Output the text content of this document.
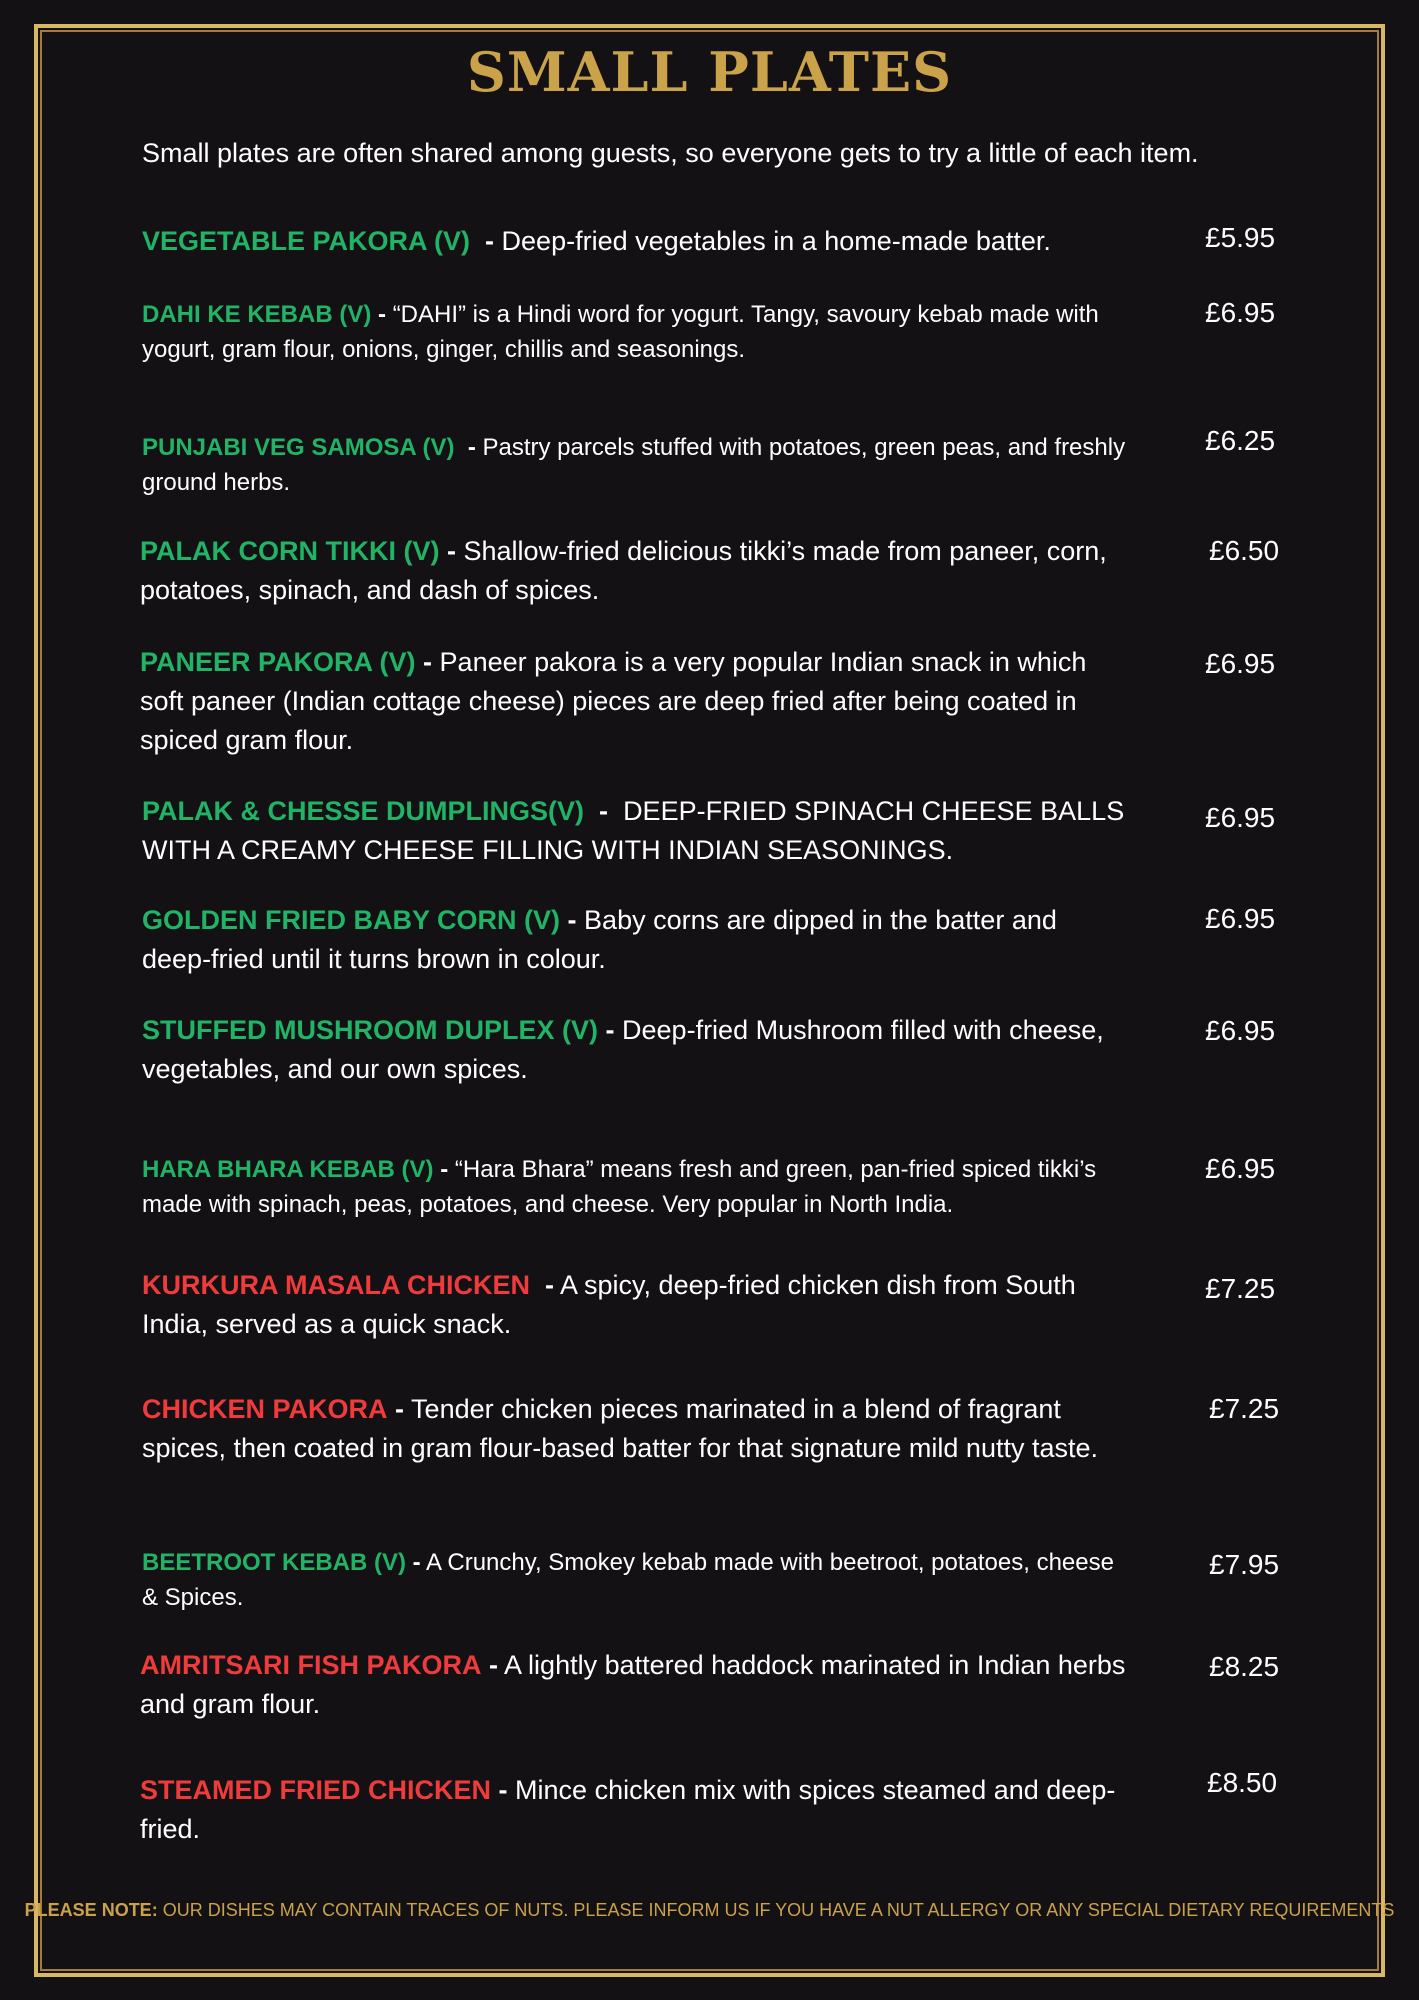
SMALL PLATES

Small plates are often shared among guests, so everyone gets to try a little of each item.

VEGETABLE PAKORA (V) - Deep-fried vegetables in a home-made batter.	£5.95

DAHI KE KEBAB (V) - “DAHI” is a Hindi word for yogurt. Tangy, savoury kebab made with yogurt, gram flour, onions, ginger, chillis and seasonings.

£6.95

PUNJABI VEG SAMOSA (V) - Pastry parcels stuffed with potatoes, green peas, and freshly ground herbs.

£6.25

PALAK CORN TIKKI (V) - Shallow-fried delicious tikki’s made from paneer, corn, potatoes, spinach, and dash of spices.

£6.50

PANEER PAKORA (V) - Paneer pakora is a very popular Indian snack in which soft paneer (Indian cottage cheese) pieces are deep fried after being coated in spiced gram flour.

£6.95

PALAK & CHESSE DUMPLINGS(V) - DEEP-FRIED SPINACH CHEESE BALLS WITH A CREAMY CHEESE FILLING WITH INDIAN SEASONINGS.

£6.95

GOLDEN FRIED BABY CORN (V) - Baby corns are dipped in the batter and deep-fried until it turns brown in colour.

£6.95

STUFFED MUSHROOM DUPLEX (V) - Deep-fried Mushroom filled with cheese, vegetables, and our own spices.

£6.95

HARA BHARA KEBAB (V) - “Hara Bhara” means fresh and green, pan-fried spiced tikki’s made with spinach, peas, potatoes, and cheese. Very popular in North India.

£6.95

KURKURA MASALA CHICKEN - A spicy, deep-fried chicken dish from South India, served as a quick snack.

£7.25

CHICKEN PAKORA - Tender chicken pieces marinated in a blend of fragrant spices, then coated in gram flour-based batter for that signature mild nutty taste.

£7.25

BEETROOT KEBAB (V) - A Crunchy, Smokey kebab made with beetroot, potatoes, cheese & Spices.

£7.95

AMRITSARI FISH PAKORA - A lightly battered haddock marinated in Indian herbs and gram flour.

£8.25

STEAMED FRIED CHICKEN - Mince chicken mix with spices steamed and deep-fried.

£8.50

PLEASE NOTE: OUR DISHES MAY CONTAIN TRACES OF NUTS. PLEASE INFORM US IF YOU HAVE A NUT ALLERGY OR ANY SPECIAL DIETARY REQUIREMENTS
